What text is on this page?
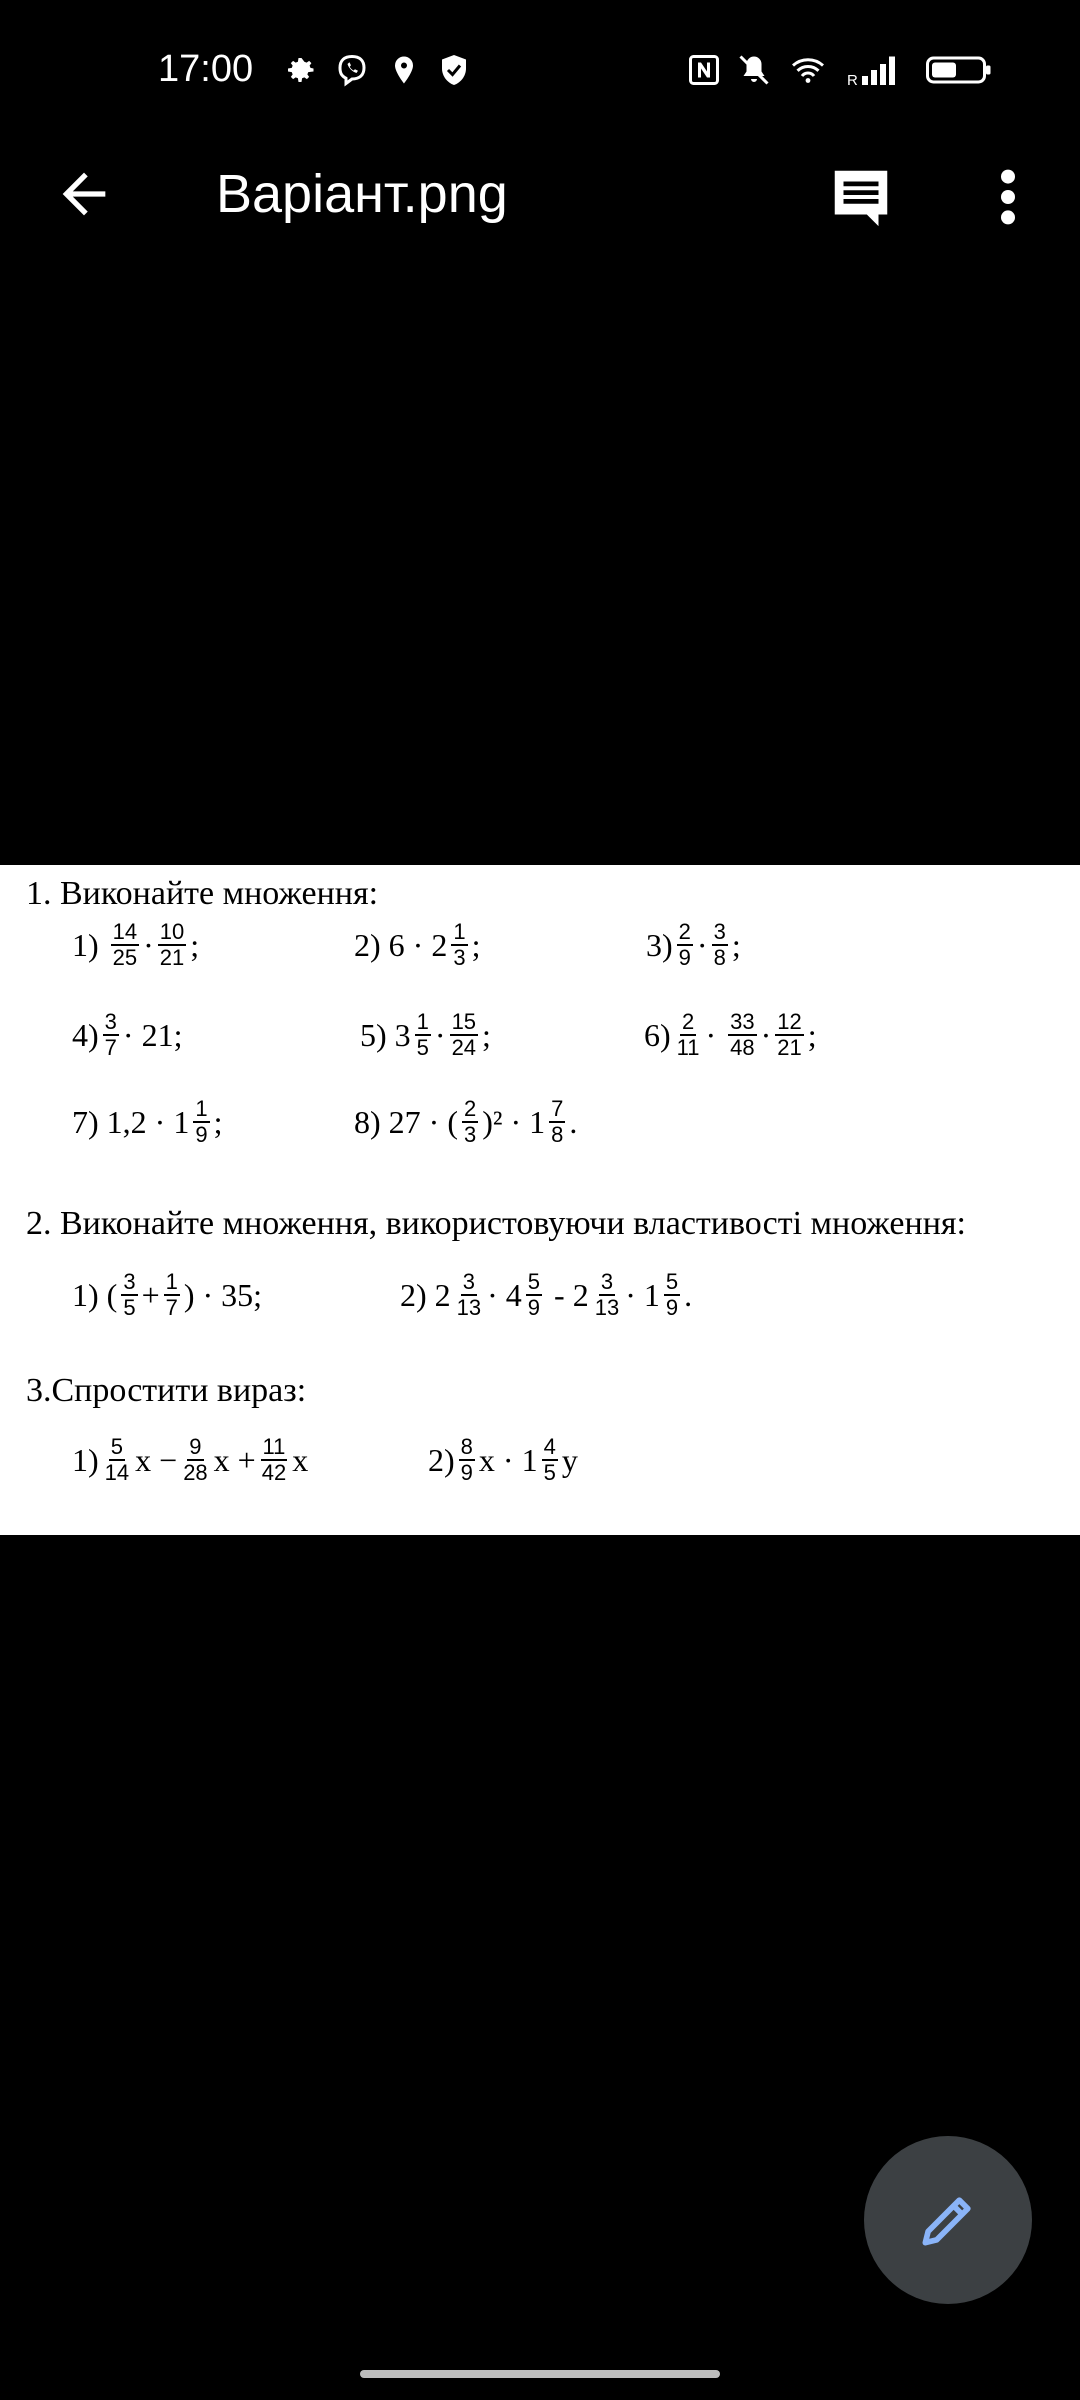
17:00	R
Варіант.png
1. Виконайте множення:
$1) \frac{14}{25} \cdot \frac{10}{21}$ ;	2) $6 \cdot 2 \frac{1}{3}$ ;	$3) \frac{2}{9} \cdot \frac{3}{8}$ ;
$4) \frac{3}{7} \cdot 21$;	5) $3 \frac{1}{5} \cdot \frac{15}{24}$ ;	$6) \frac{2}{11} \cdot \frac{33}{48} \cdot \frac{12}{21}$ ;
7) $1,2 \cdot 1 \frac{1}{9}$ ;	8) 27 · ( $\frac{2}{3} )^2 \cdot 1 \frac{7}{8}$ .
2. Виконайте множення, використовуючи властивості множення:
1) ( $\frac{3}{5} + \frac{1}{7}$ ) · 35;	2) $2 \frac{3}{13} \cdot 4 \frac{5}{9} - 2 \frac{3}{13} \cdot 1 \frac{5}{9}$ .
3.Спростити вираз:
$1) \frac{5}{14}$ $x - \frac{9}{28}$ $x + \frac{11}{42}$ x	$2) \frac{8}{9}$ $x \cdot 1 \frac{4}{5}$ y
